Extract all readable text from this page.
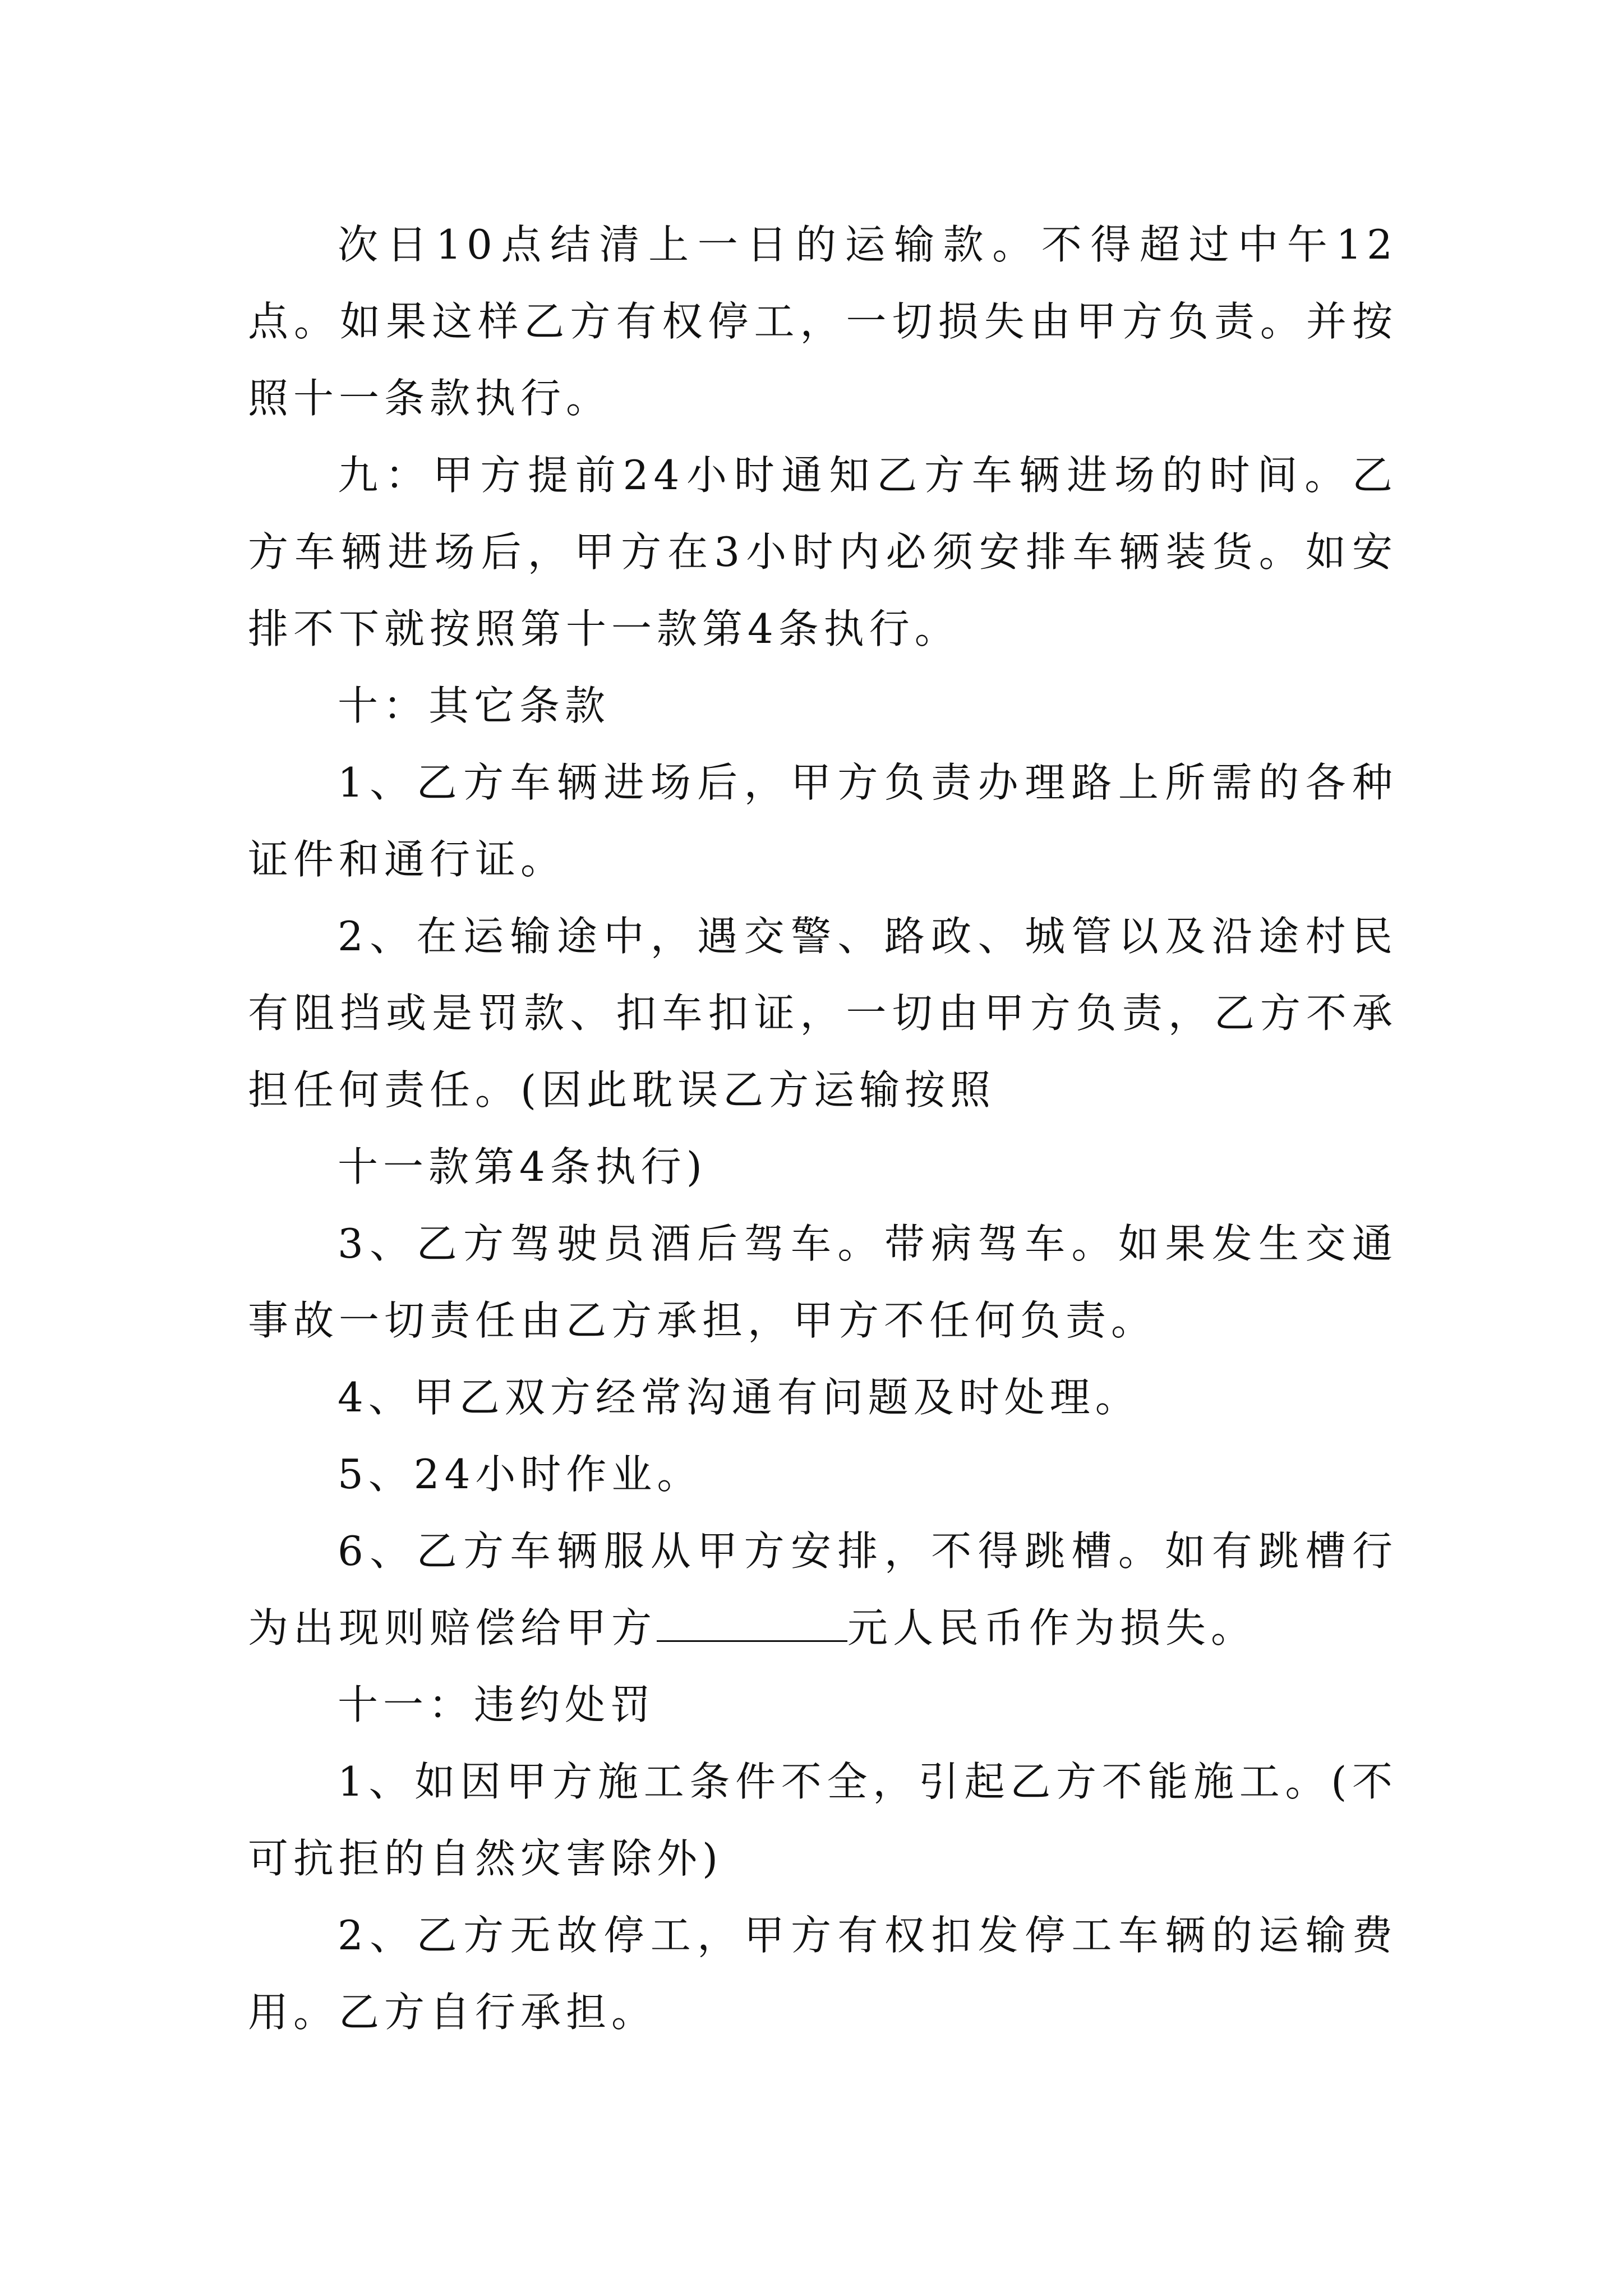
次日10点结清上一日的运输款。不得超过中午12点。如果这样乙方有权停工，一切损失由甲方负责。并按照十一条款执行。

九：甲方提前24小时通知乙方车辆进场的时间。乙方车辆进场后，甲方在3小时内必须安排车辆装货。如安排不下就按照第十一款第4条执行。

十：其它条款

1、乙方车辆进场后，甲方负责办理路上所需的各种证件和通行证。

2、在运输途中，遇交警、路政、城管以及沿途村民有阻挡或是罚款、扣车扣证，一切由甲方负责，乙方不承担任何责任。(因此耽误乙方运输按照

十一款第4条执行)

3、乙方驾驶员酒后驾车。带病驾车。如果发生交通事故一切责任由乙方承担，甲方不任何负责。

4、甲乙双方经常沟通有问题及时处理。

5、24小时作业。

6、乙方车辆服从甲方安排，不得跳槽。如有跳槽行为出现则赔偿给甲方	元人民币作为损失。

十一：违约处罚

1、如因甲方施工条件不全，引起乙方不能施工。(不可抗拒的自然灾害除外)

2、乙方无故停工，甲方有权扣发停工车辆的运输费用。乙方自行承担。
